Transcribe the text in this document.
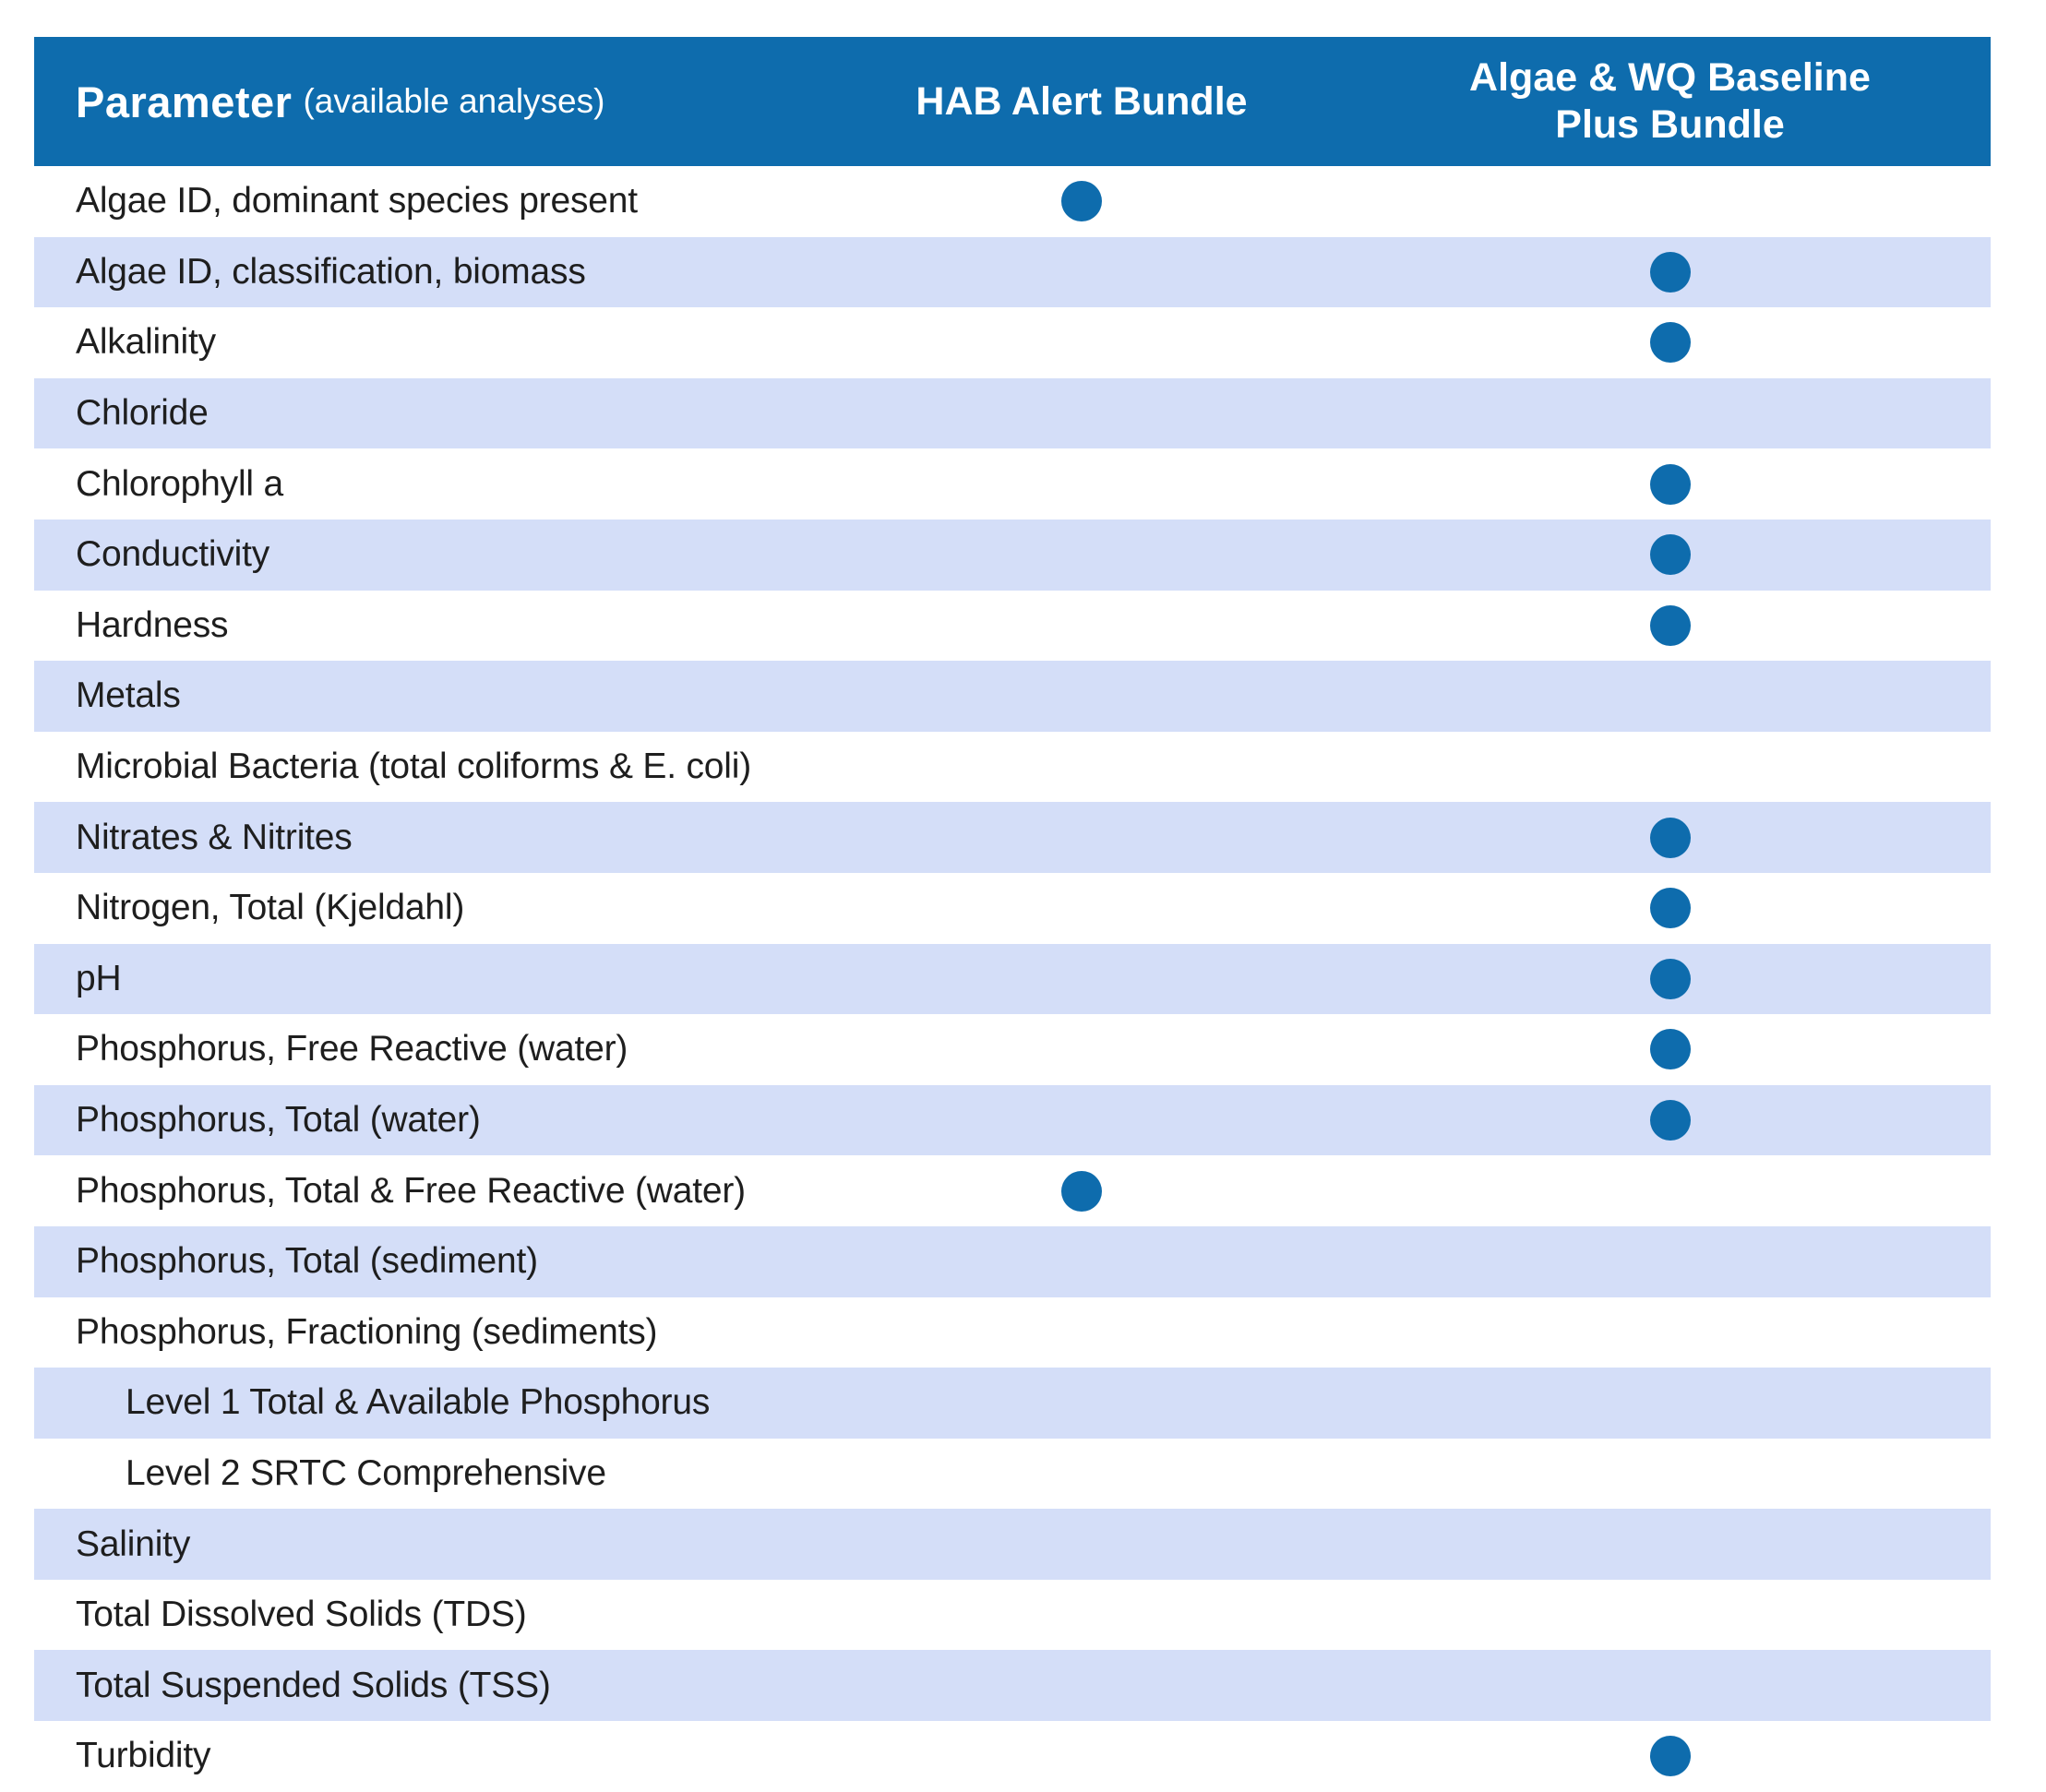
Parameter (available analyses)	HAB Alert Bundle
Algae & WQ Baseline
Plus Bundle
Algae ID, dominant species present
Algae ID, classification, biomass
Alkalinity
Chloride
Chlorophyll a
Conductivity
Hardness
Metals
Microbial Bacteria (total coliforms & E. coli)
Nitrates & Nitrites
Nitrogen, Total (Kjeldahl)
pH
Phosphorus, Free Reactive (water)
Phosphorus, Total (water)
Phosphorus, Total & Free Reactive (water)
Phosphorus, Total (sediment)
Phosphorus, Fractioning (sediments)
Level 1 Total & Available Phosphorus
Level 2 SRTC Comprehensive
Salinity
Total Dissolved Solids (TDS)
Total Suspended Solids (TSS)
Turbidity
